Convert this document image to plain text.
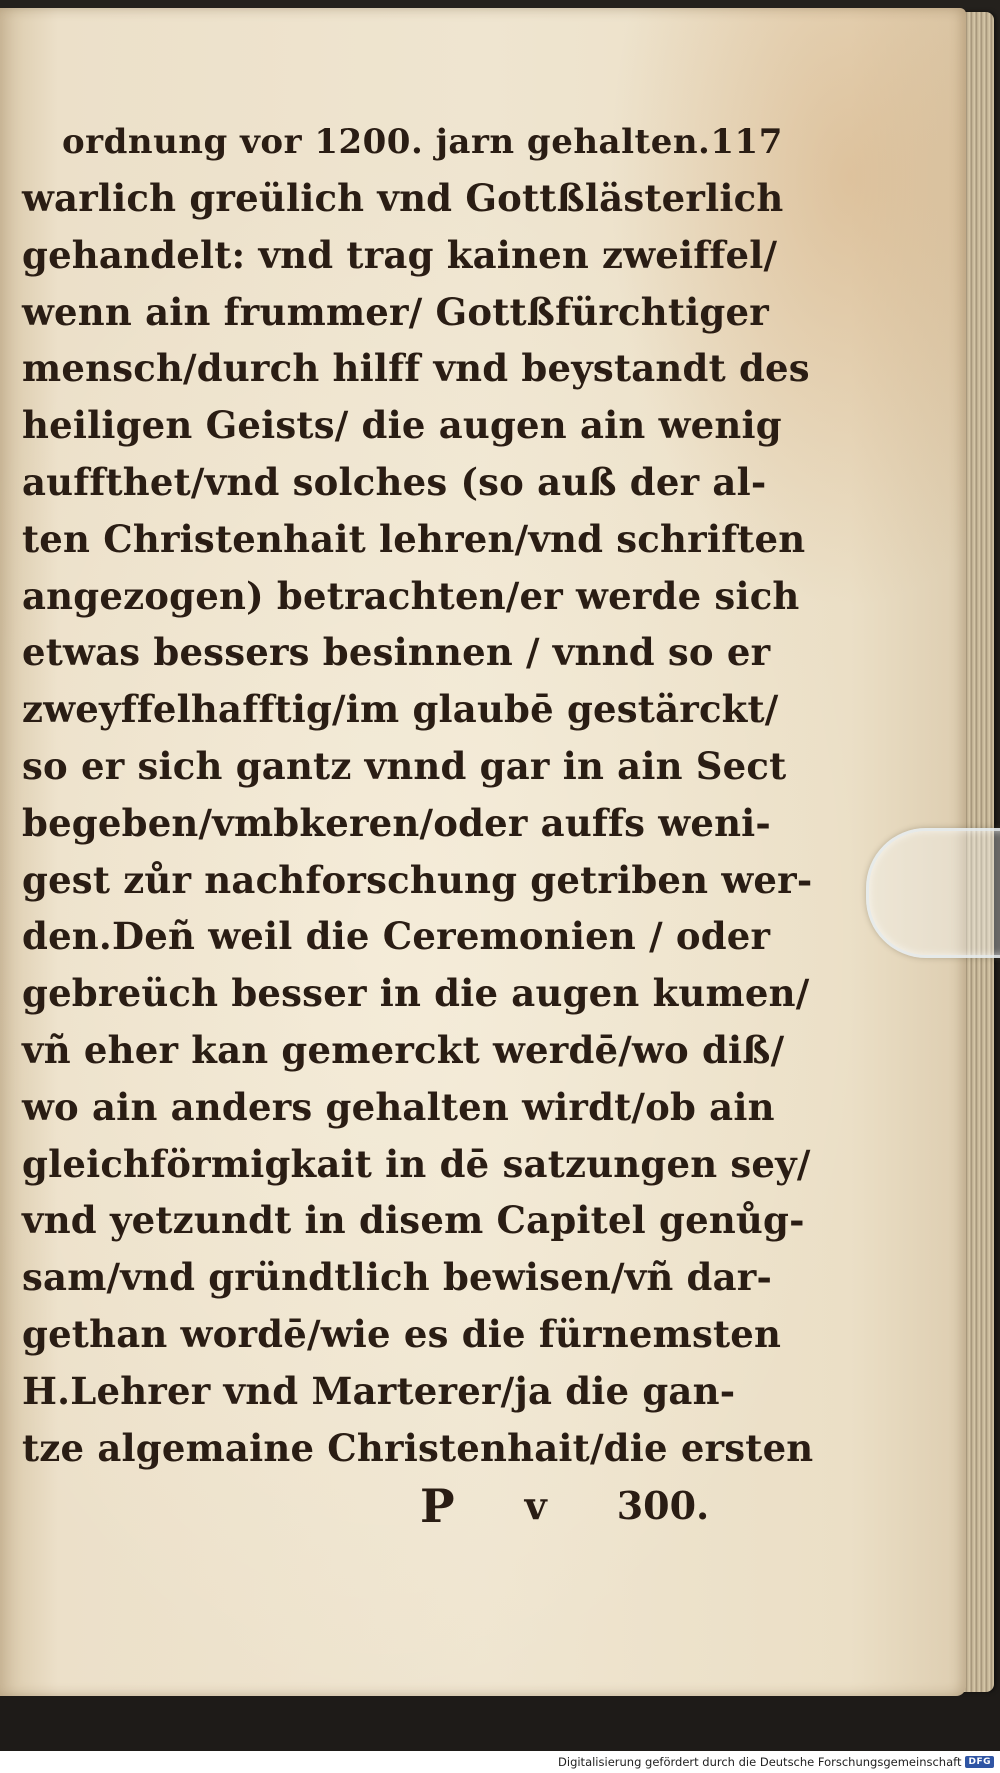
ordnung vor 1200. jarn gehalten. 117
warlich greülich vnd Gottßlästerlich
gehandelt: vnd trag kainen zweiffel/
wenn ain frummer/ Gottßfürchtiger
mensch/durch hilff vnd beystandt des
heiligen Geists/ die augen ain wenig
auffthet/vnd solches (so auß der al-
ten Christenhait lehren/vnd schriften
angezogen) betrachten/er werde sich
etwas bessers besinnen / vnnd so er
zweyffelhafftig/im glaubē gestärckt/
so er sich gantz vnnd gar in ain Sect
begeben/vmbkeren/oder auffs weni-
gest zůr nachforschung getriben wer-
den.Deñ weil die Ceremonien / oder
gebreüch besser in die augen kumen/
vñ eher kan gemerckt werdē/wo diß/
wo ain anders gehalten wirdt/ob ain
gleichförmigkait in dē satzungen sey/
vnd yetzundt in disem Capitel genůg-
sam/vnd gründtlich bewisen/vñ dar-
gethan wordē/wie es die fürnemsten
H.Lehrer vnd Marterer/ja die gan-
tze algemaine Christenhait/die ersten
P v 300.
Digitalisierung gefördert durch die Deutsche Forschungsgemeinschaft DFG
